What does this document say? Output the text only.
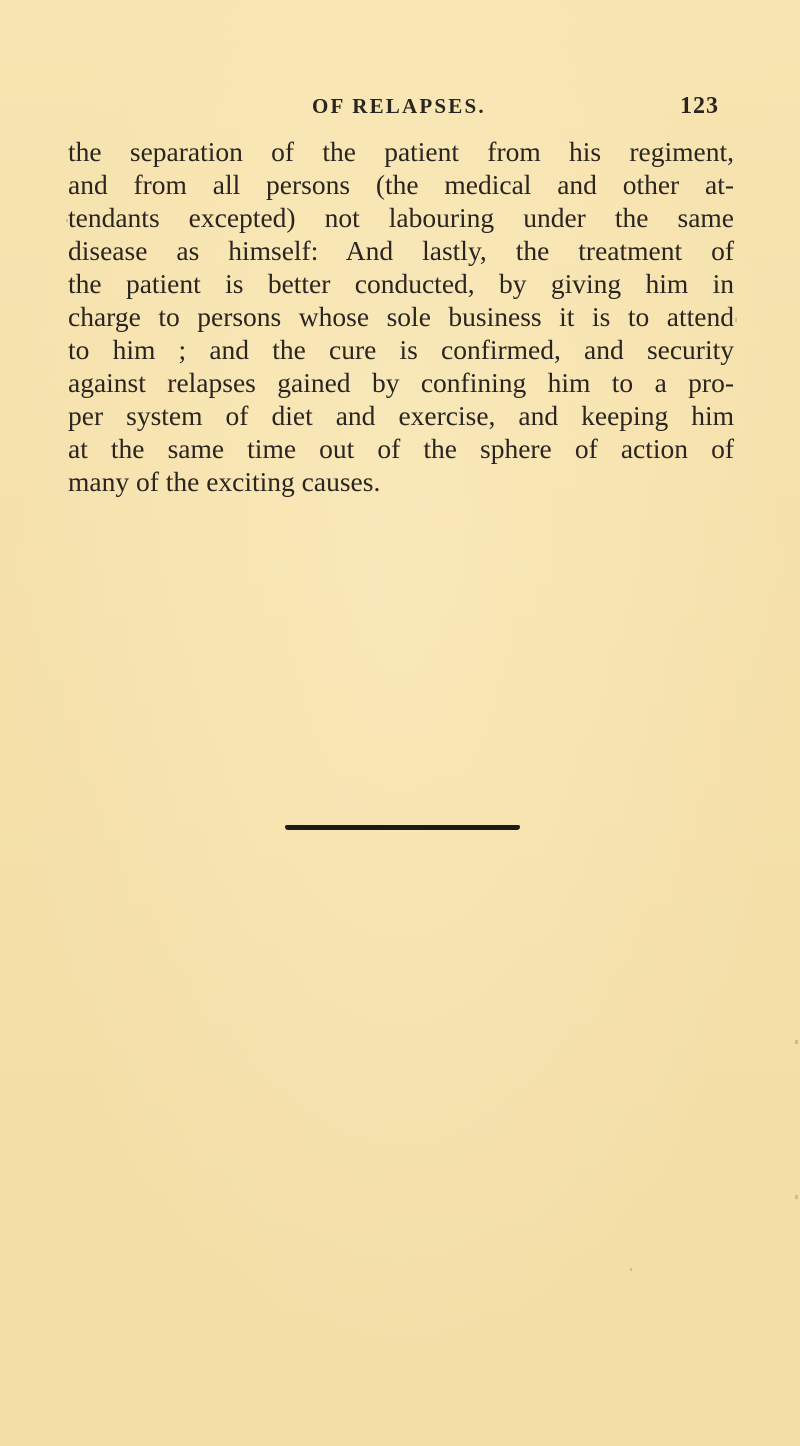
OF RELAPSES.	123
the separation of the patient from his regiment,
and from all persons (the medical and other at-
tendants excepted) not labouring under the same
disease as himself: And lastly, the treatment of
the patient is better conducted, by giving him in
charge to persons whose sole business it is to attend
to him ; and the cure is confirmed, and security
against relapses gained by confining him to a pro-
per system of diet and exercise, and keeping him
at the same time out of the sphere of action of
many of the exciting causes.
